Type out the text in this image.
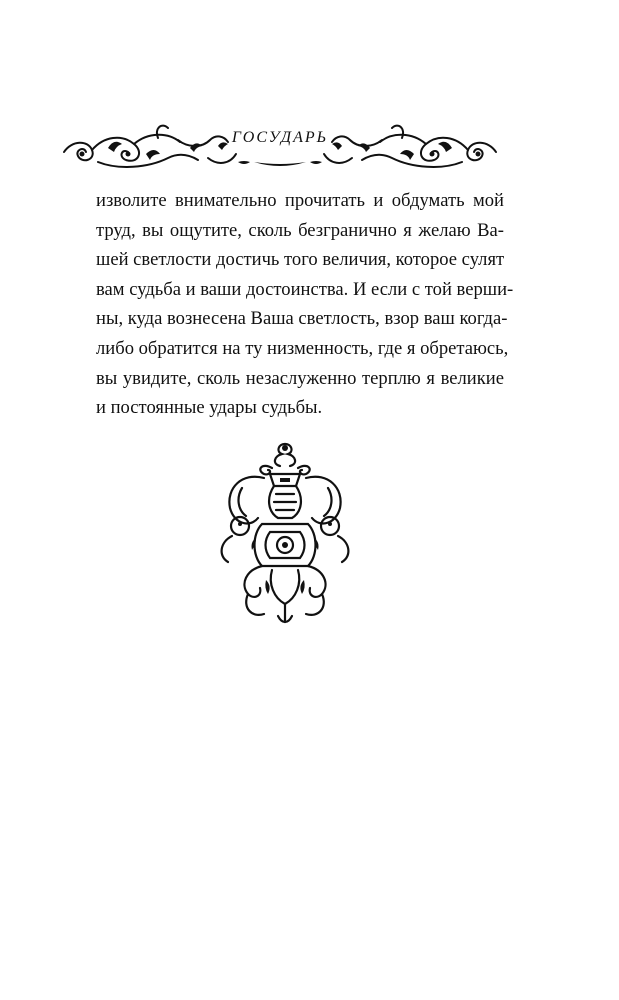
ГОСУДАРЬ
изволите внимательно прочитать и обдумать мой
труд, вы ощутите, сколь безгранично я желаю Ва-
шей светлости достичь того величия, которое сулят
вам судьба и ваши достоинства. И если с той верши-
ны, куда вознесена Ваша светлость, взор ваш когда-
либо обратится на ту низменность, где я обретаюсь,
вы увидите, сколь незаслуженно терплю я великие
и постоянные удары судьбы.
